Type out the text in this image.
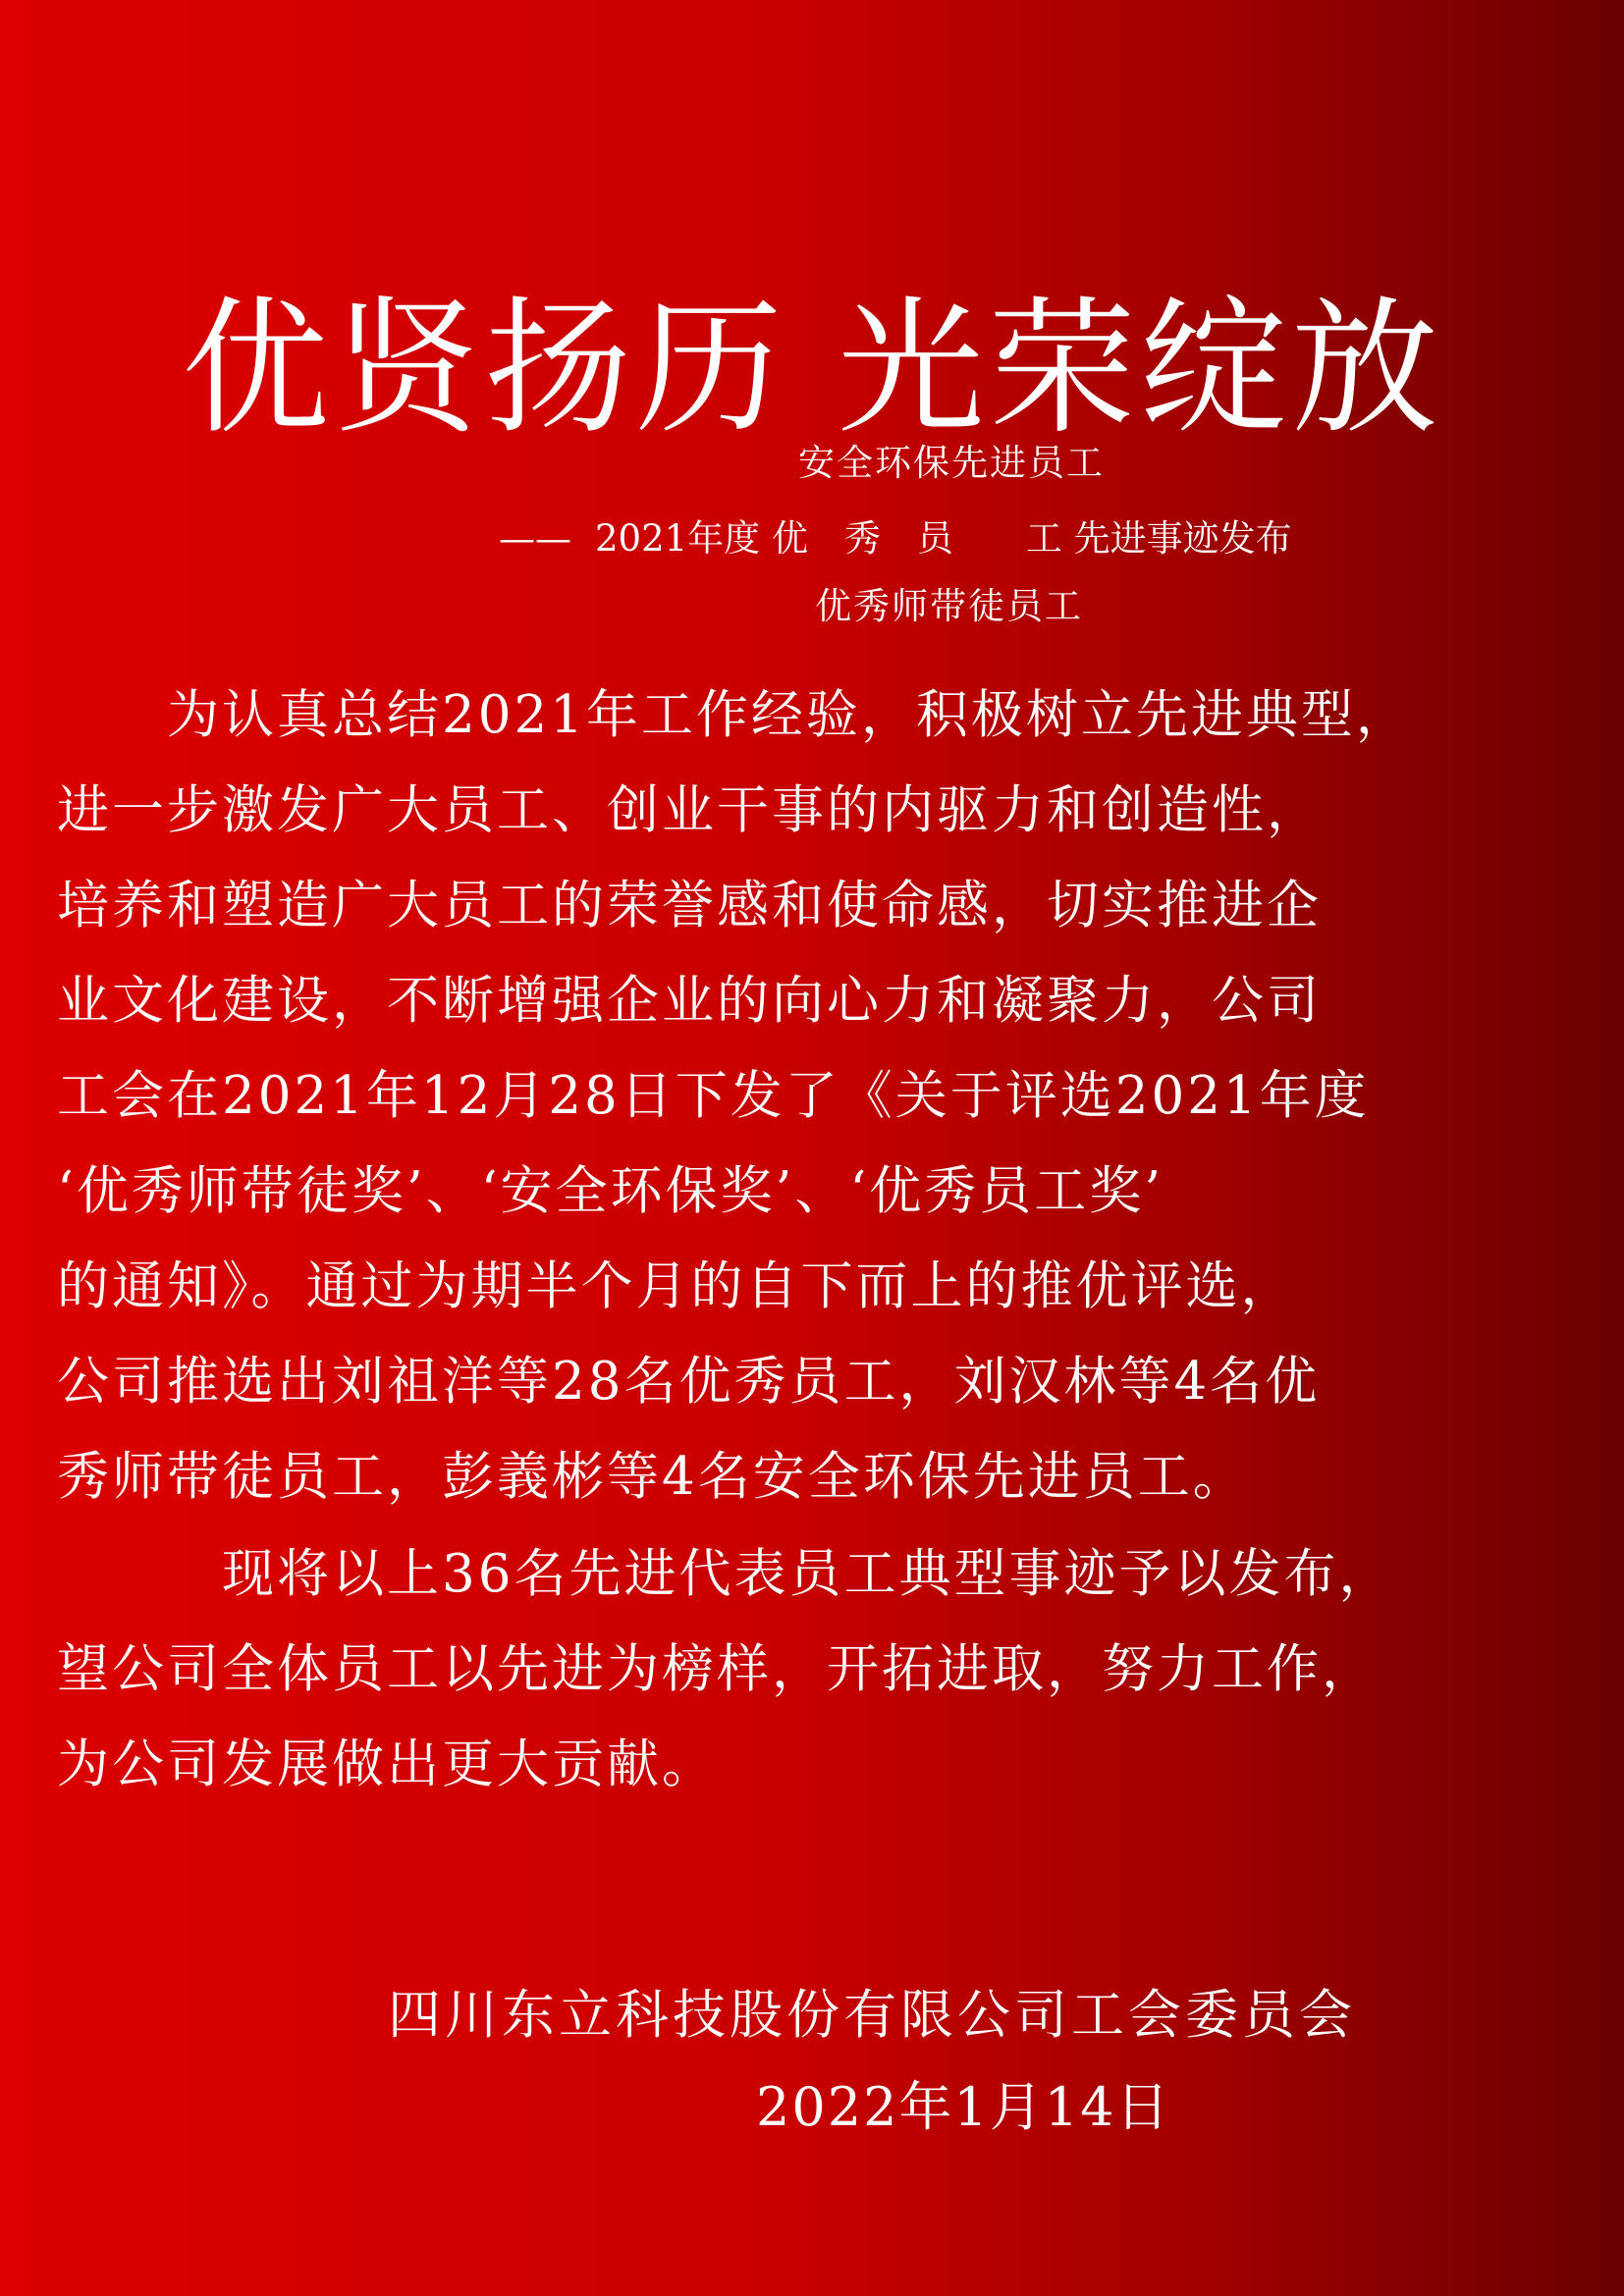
优贤扬历 光荣绽放
安全环保先进员工
—— 2021年度 优　秀　员　　工 先进事迹发布
优秀师带徒员工
　　为认真总结2021年工作经验，积极树立先进典型，
进一步激发广大员工、创业干事的内驱力和创造性，
培养和塑造广大员工的荣誉感和使命感，切实推进企
业文化建设，不断增强企业的向心力和凝聚力，公司
工会在2021年12月28日下发了《关于评选2021年度
‘优秀师带徒奖’、‘安全环保奖’、‘优秀员工奖’
的通知》。通过为期半个月的自下而上的推优评选，
公司推选出刘祖洋等28名优秀员工，刘汉林等4名优
秀师带徒员工，彭義彬等4名安全环保先进员工。
　　　现将以上36名先进代表员工典型事迹予以发布，
望公司全体员工以先进为榜样，开拓进取，努力工作，
为公司发展做出更大贡献。
四川东立科技股份有限公司工会委员会
2022年1月14日
